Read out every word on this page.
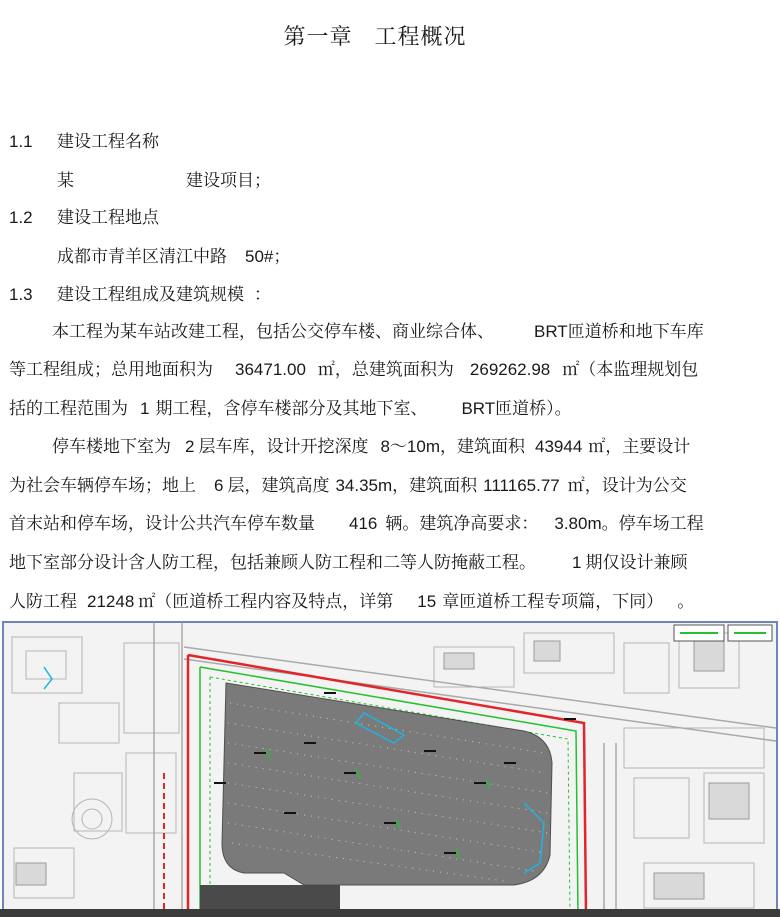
第一章 工程概况
1.1 建设工程名称
某	建设项目；
1.2 建设工程地点
成都市青羊区清江中路 50#；
1.3 建设工程组成及建筑规模 ：
本工程为某车站改建工程，包括公交停车楼、商业综合体、 BRT匝道桥和地下车库
等工程组成；总用地面积为 36471.00 ㎡，总建筑面积为 269262.98 ㎡（本监理规划包
括的工程范围为 1 期工程，含停车楼部分及其地下室、 BRT匝道桥）。
停车楼地下室为 2 层车库，设计开挖深度 8～10m，建筑面积 43944 ㎡，主要设计
为社会车辆停车场；地上 6 层，建筑高度 34.35m，建筑面积 111165.77 ㎡，设计为公交
首末站和停车场，设计公共汽车停车数量 416 辆。建筑净高要求： 3.80m。停车场工程
地下室部分设计含人防工程，包括兼顾人防工程和二等人防掩蔽工程。 1 期仅设计兼顾
人防工程 21248 ㎡（匝道桥工程内容及特点，详第 15 章匝道桥工程专项篇，下同） 。
